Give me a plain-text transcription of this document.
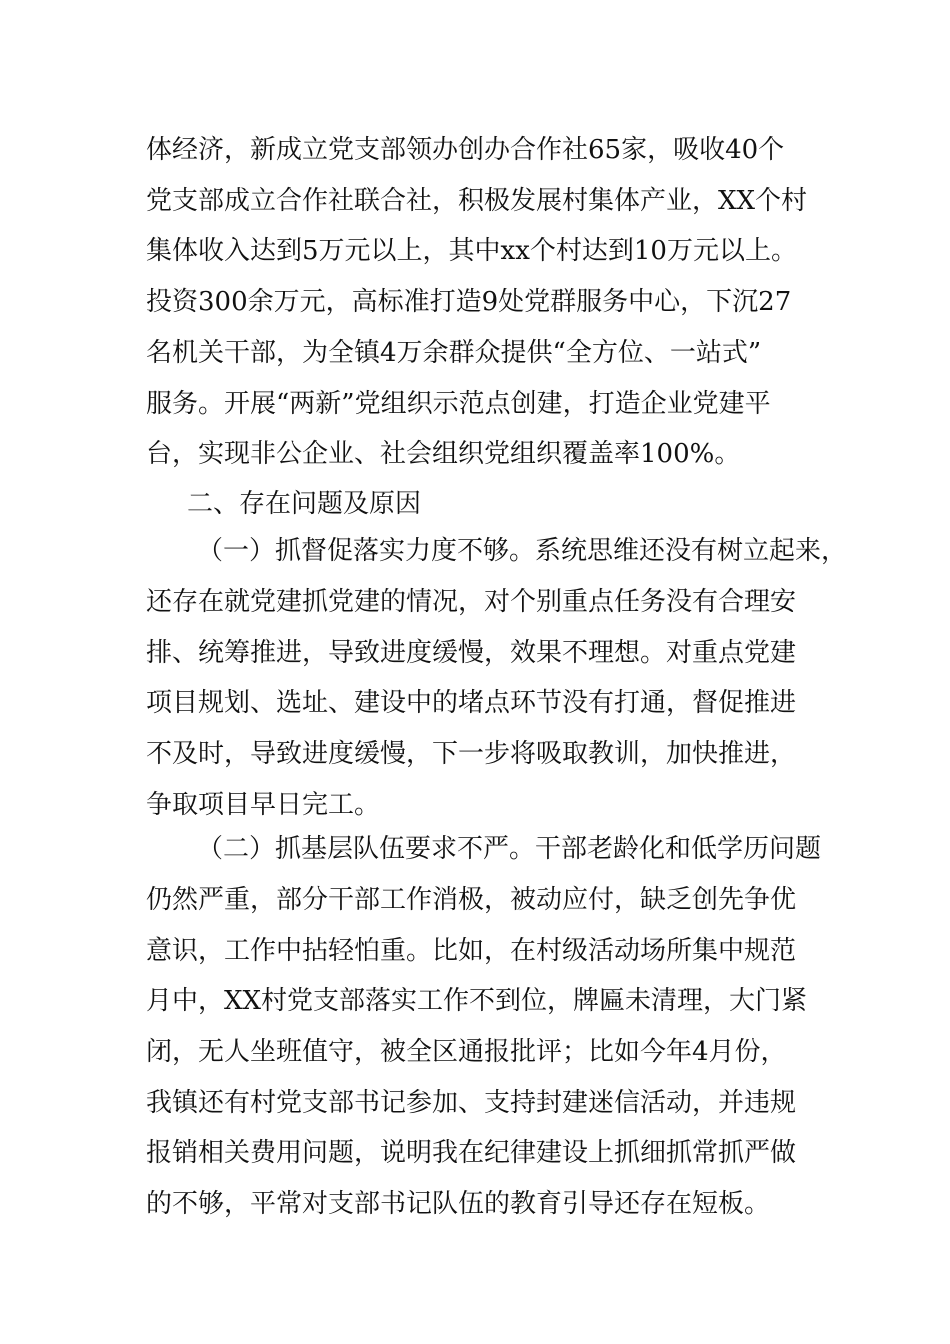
体经济，新成立党支部领办创办合作社65家，吸收40个
党支部成立合作社联合社，积极发展村集体产业，XX个村
集体收入达到5万元以上，其中xx个村达到10万元以上。
投资300余万元，高标准打造9处党群服务中心，下沉27
名机关干部，为全镇4万余群众提供“全方位、一站式”
服务。开展“两新”党组织示范点创建，打造企业党建平
台，实现非公企业、社会组织党组织覆盖率100%。
二、存在问题及原因
（一）抓督促落实力度不够。系统思维还没有树立起来，
还存在就党建抓党建的情况，对个别重点任务没有合理安
排、统筹推进，导致进度缓慢，效果不理想。对重点党建
项目规划、选址、建设中的堵点环节没有打通，督促推进
不及时，导致进度缓慢，下一步将吸取教训，加快推进，
争取项目早日完工。
（二）抓基层队伍要求不严。干部老龄化和低学历问题
仍然严重，部分干部工作消极，被动应付，缺乏创先争优
意识，工作中拈轻怕重。比如，在村级活动场所集中规范
月中，XX村党支部落实工作不到位，牌匾未清理，大门紧
闭，无人坐班值守，被全区通报批评；比如今年4月份，
我镇还有村党支部书记参加、支持封建迷信活动，并违规
报销相关费用问题，说明我在纪律建设上抓细抓常抓严做
的不够，平常对支部书记队伍的教育引导还存在短板。
